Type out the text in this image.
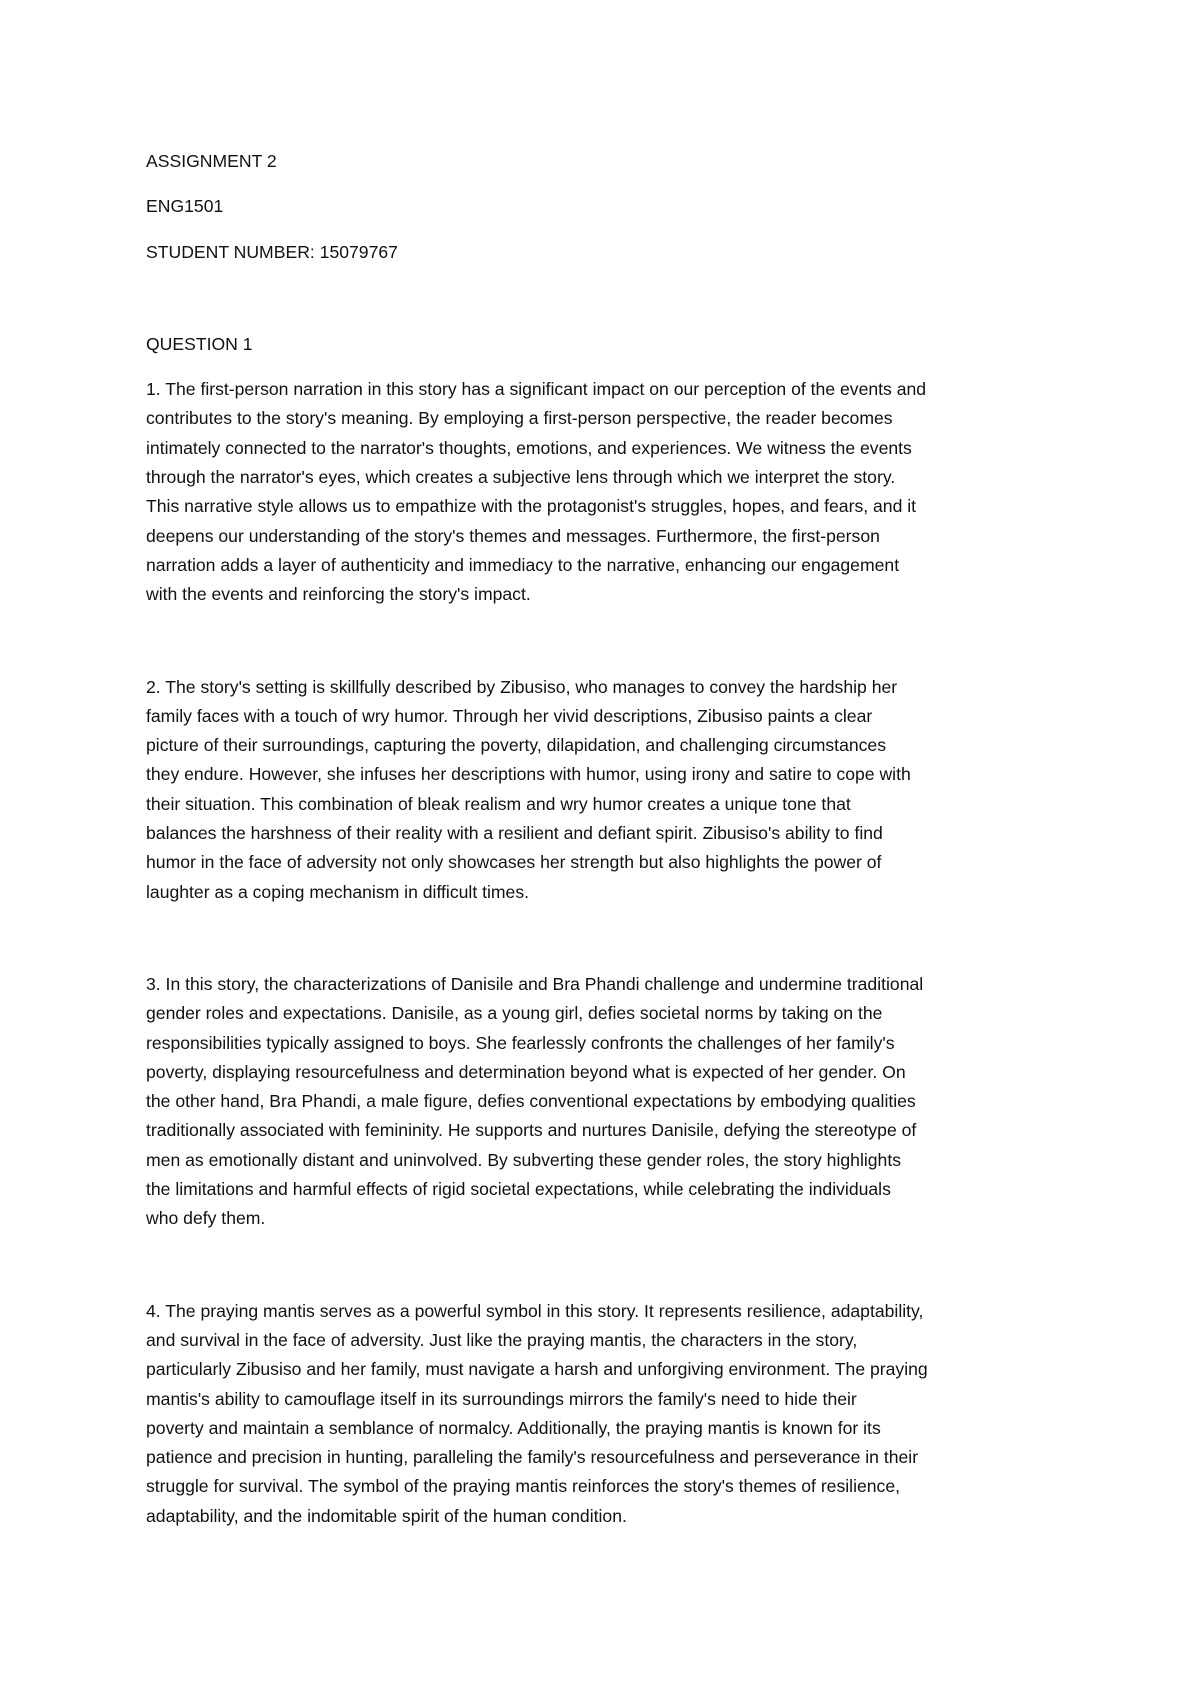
ASSIGNMENT 2

ENG1501

STUDENT NUMBER: 15079767

QUESTION 1

1. The first-person narration in this story has a significant impact on our perception of the events and
contributes to the story's meaning. By employing a first-person perspective, the reader becomes
intimately connected to the narrator's thoughts, emotions, and experiences. We witness the events
through the narrator's eyes, which creates a subjective lens through which we interpret the story.
This narrative style allows us to empathize with the protagonist's struggles, hopes, and fears, and it
deepens our understanding of the story's themes and messages. Furthermore, the first-person
narration adds a layer of authenticity and immediacy to the narrative, enhancing our engagement
with the events and reinforcing the story's impact.
2. The story's setting is skillfully described by Zibusiso, who manages to convey the hardship her
family faces with a touch of wry humor. Through her vivid descriptions, Zibusiso paints a clear
picture of their surroundings, capturing the poverty, dilapidation, and challenging circumstances
they endure. However, she infuses her descriptions with humor, using irony and satire to cope with
their situation. This combination of bleak realism and wry humor creates a unique tone that
balances the harshness of their reality with a resilient and defiant spirit. Zibusiso's ability to find
humor in the face of adversity not only showcases her strength but also highlights the power of
laughter as a coping mechanism in difficult times.
3. In this story, the characterizations of Danisile and Bra Phandi challenge and undermine traditional
gender roles and expectations. Danisile, as a young girl, defies societal norms by taking on the
responsibilities typically assigned to boys. She fearlessly confronts the challenges of her family's
poverty, displaying resourcefulness and determination beyond what is expected of her gender. On
the other hand, Bra Phandi, a male figure, defies conventional expectations by embodying qualities
traditionally associated with femininity. He supports and nurtures Danisile, defying the stereotype of
men as emotionally distant and uninvolved. By subverting these gender roles, the story highlights
the limitations and harmful effects of rigid societal expectations, while celebrating the individuals
who defy them.
4. The praying mantis serves as a powerful symbol in this story. It represents resilience, adaptability,
and survival in the face of adversity. Just like the praying mantis, the characters in the story,
particularly Zibusiso and her family, must navigate a harsh and unforgiving environment. The praying
mantis's ability to camouflage itself in its surroundings mirrors the family's need to hide their
poverty and maintain a semblance of normalcy. Additionally, the praying mantis is known for its
patience and precision in hunting, paralleling the family's resourcefulness and perseverance in their
struggle for survival. The symbol of the praying mantis reinforces the story's themes of resilience,
adaptability, and the indomitable spirit of the human condition.
